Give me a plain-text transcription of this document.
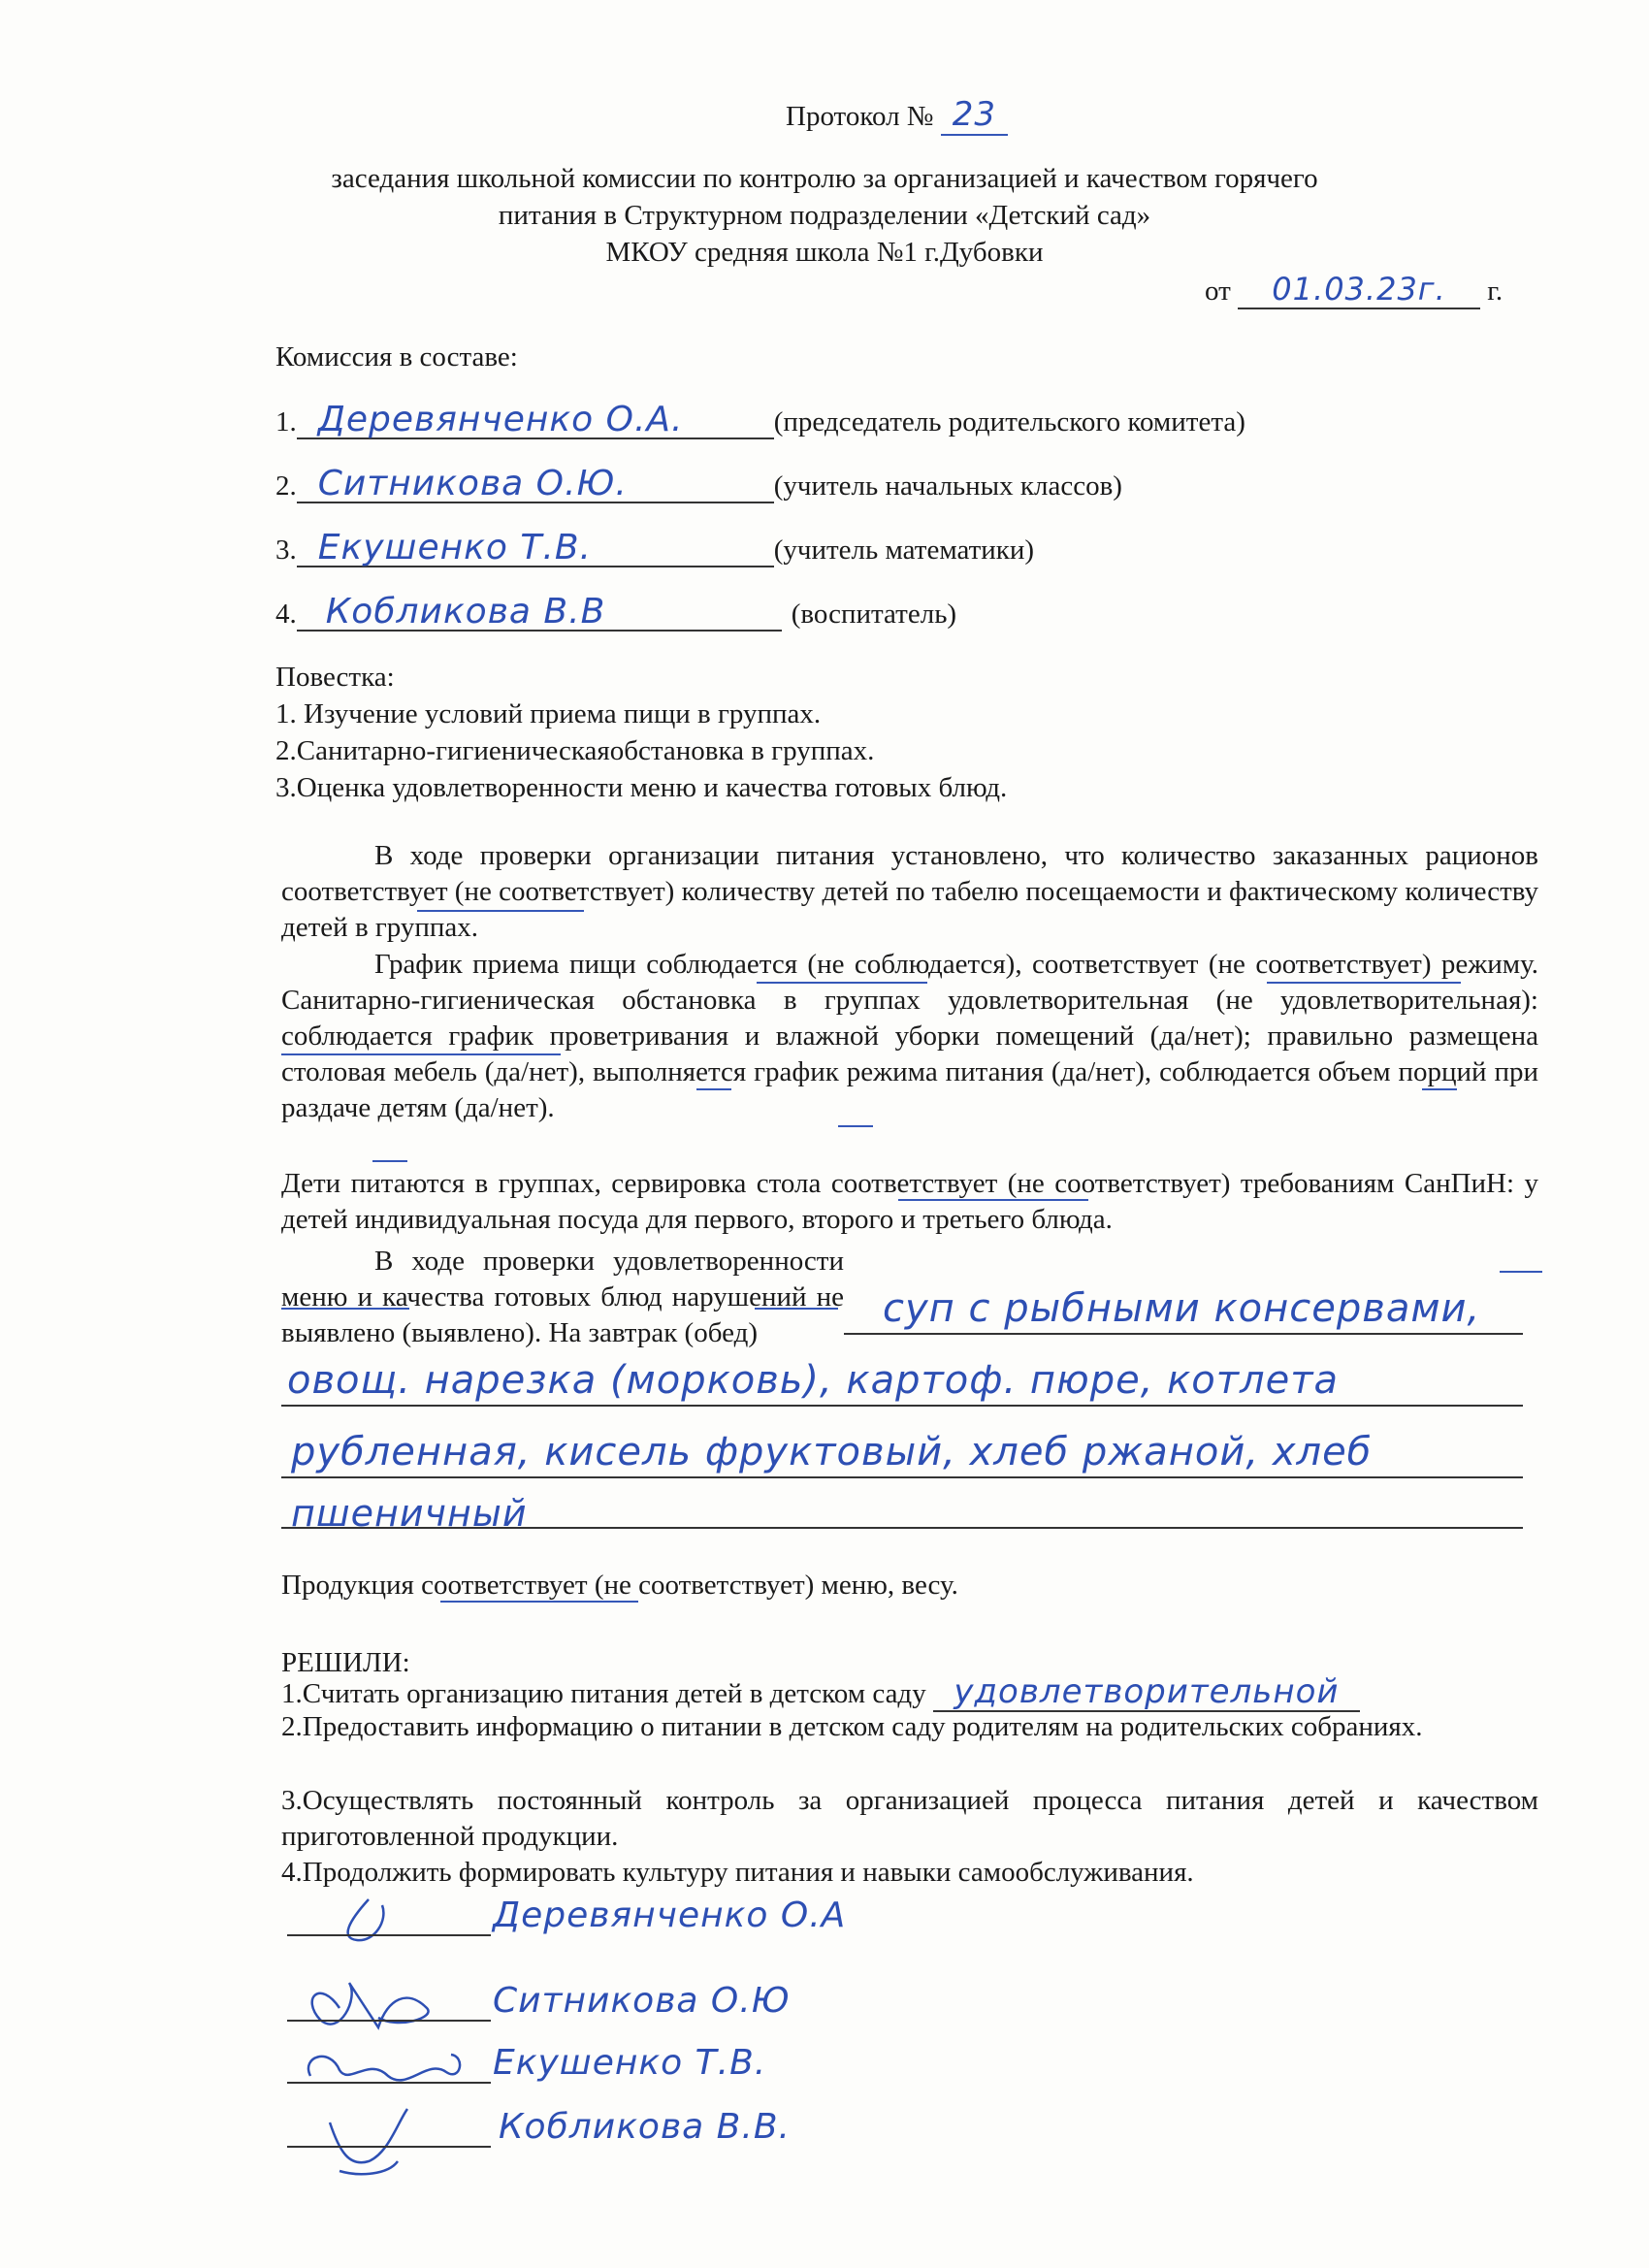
Протокол № 23
заседания школьной комиссии по контролю за организацией и качеством горячего
питания в Структурном подразделении «Детский сад»
МКОУ средняя школа №1 г.Дубовки
от 01.03.23г. г.
Комиссия в составе:
1. Деревянченко О.А.	(председатель родительского комитета)
2. Ситникова О.Ю.	(учитель начальных классов)
3. Екушенко Т.В.	(учитель математики)
4. Кобликова В.В	(воспитатель)
Повестка:
1. Изучение условий приема пищи в группах.
2.Санитарно-гигиеническаяобстановка в группах.
3.Оценка удовлетворенности меню и качества готовых блюд.
В ходе проверки организации питания установлено, что количество заказанных рационов соответствует (не соответствует) количеству детей по табелю посещаемости и фактическому количеству детей в группах.
График приема пищи соблюдается (не соблюдается), соответствует (не соответствует) режиму. Санитарно-гигиеническая обстановка в группах удовлетворительная (не удовлетворительная): соблюдается график проветривания и влажной уборки помещений (да/нет); правильно размещена столовая мебель (да/нет), выполняется график режима питания (да/нет), соблюдается объем порций при раздаче детям (да/нет).
Дети питаются в группах, сервировка стола соответствует (не соответствует) требованиям СанПиН: у детей индивидуальная посуда для первого, второго и третьего блюда.
В ходе проверки удовлетворенности меню и качества готовых блюд нарушений не выявлено (выявлено). На завтрак (обед)
суп с рыбными консервами,
овощ. нарезка (морковь), картоф. пюре, котлета
рубленная, кисель фруктовый, хлеб ржаной, хлеб
пшеничный
Продукция соответствует (не соответствует) меню, весу.
РЕШИЛИ:
1.Считать организацию питания детей в детском саду удовлетворительной
2.Предоставить информацию о питании в детском саду родителям на родительских собраниях.
3.Осуществлять постоянный контроль за организацией процесса питания детей и качеством приготовленной продукции.
4.Продолжить формировать культуру питания и навыки самообслуживания.
Деревянченко О.А
Ситникова О.Ю
Екушенко Т.В.
Кобликова В.В.
